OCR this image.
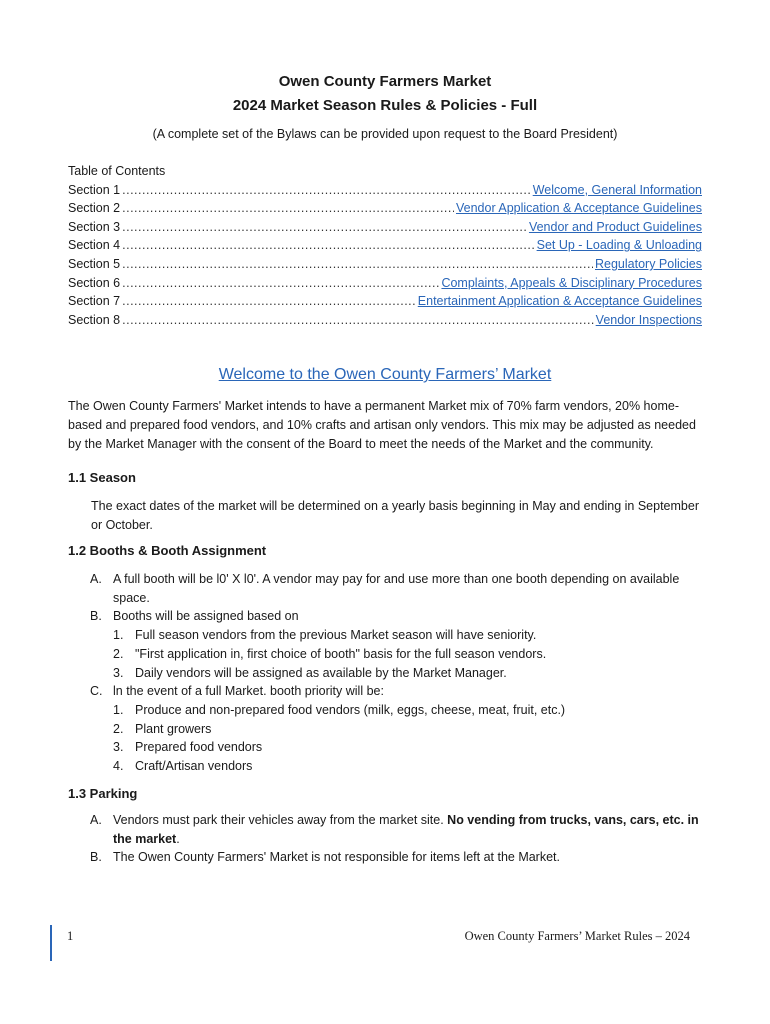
Owen County Farmers Market
2024 Market Season Rules & Policies - Full
(A complete set of the Bylaws can be provided upon request to the Board President)
Table of Contents
Section 1 .....	Welcome, General Information
Section 2 .....	Vendor Application & Acceptance Guidelines
Section 3 .....	Vendor and Product Guidelines
Section 4 .....	Set Up - Loading & Unloading
Section 5 .....	Regulatory Policies
Section 6 .....	Complaints, Appeals & Disciplinary Procedures
Section 7 .....	Entertainment Application & Acceptance Guidelines
Section 8 .....	Vendor Inspections
Welcome to the Owen County Farmers’ Market
The Owen County Farmers' Market intends to have a permanent Market mix of 70% farm vendors, 20% home-based and prepared food vendors, and 10% crafts and artisan only vendors. This mix may be adjusted as needed by the Market Manager with the consent of the Board to meet the needs of the Market and the community.
1.1 Season
The exact dates of the market will be determined on a yearly basis beginning in May and ending in September or October.
1.2 Booths & Booth Assignment
A. A full booth will be l0' X l0'. A vendor may pay for and use more than one booth depending on available space.
B. Booths will be assigned based on
1. Full season vendors from the previous Market season will have seniority.
2. "First application in, first choice of booth" basis for the full season vendors.
3. Daily vendors will be assigned as available by the Market Manager.
C. ln the event of a full Market. booth priority will be:
1. Produce and non-prepared food vendors (milk, eggs, cheese, meat, fruit, etc.)
2. Plant growers
3. Prepared food vendors
4. Craft/Artisan vendors
1.3 Parking
A. Vendors must park their vehicles away from the market site. No vending from trucks, vans, cars, etc. in the market.
B. The Owen County Farmers' Market is not responsible for items left at the Market.
1	Owen County Farmers’ Market Rules – 2024
